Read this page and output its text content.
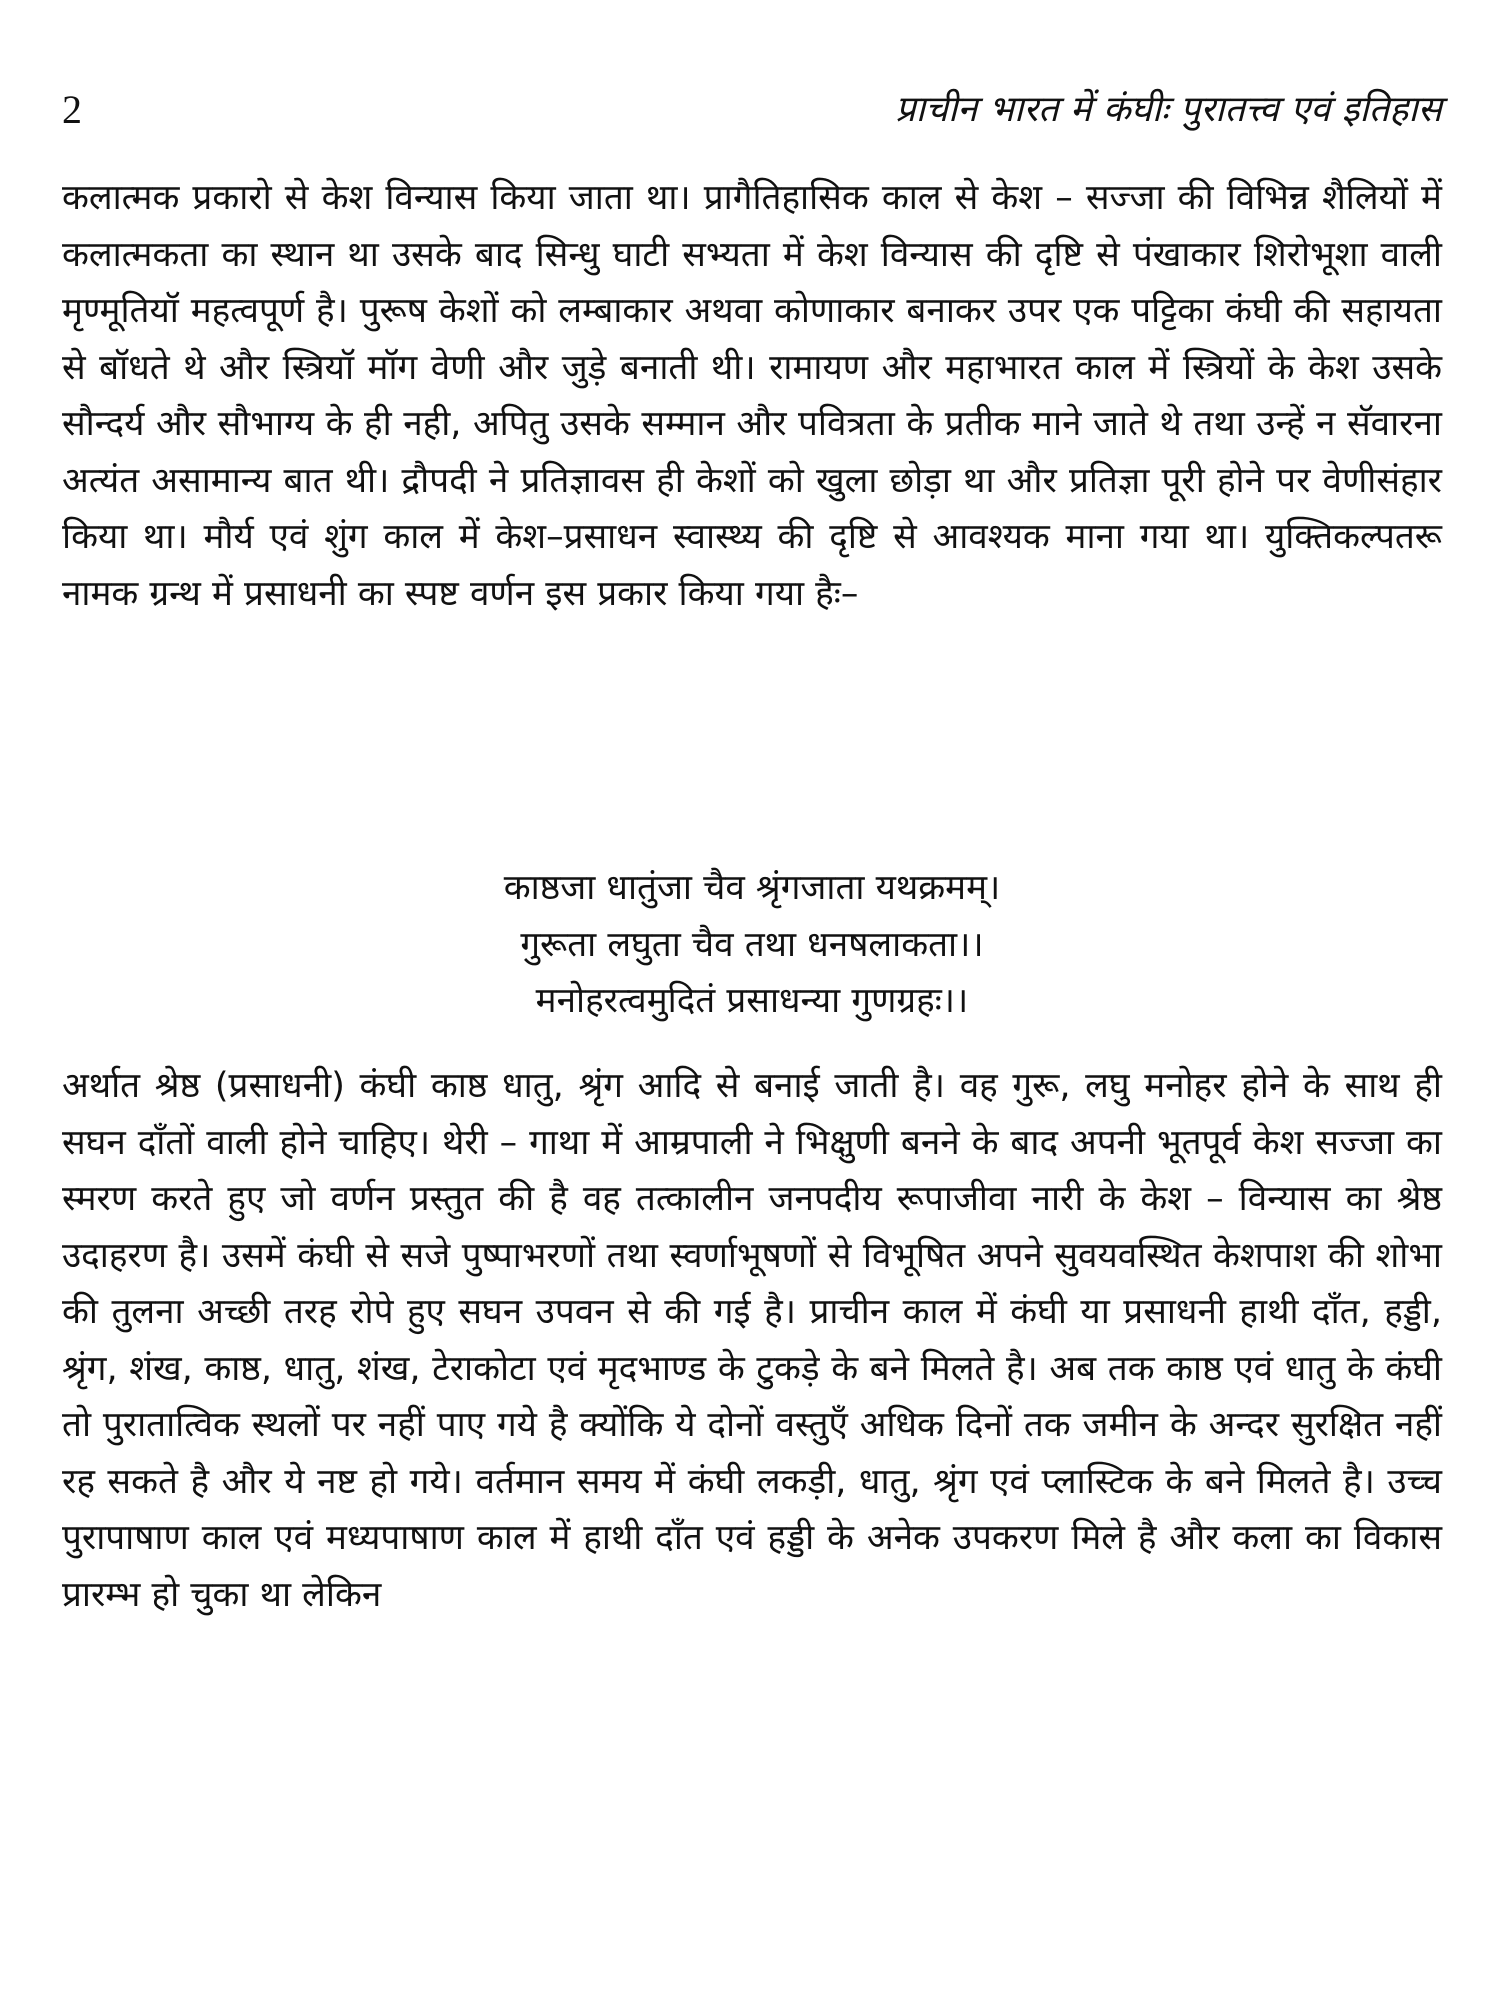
2	प्राचीन भारत में कंघीः पुरातत्त्व एवं इतिहास

कलात्मक प्रकारो से केश विन्यास किया जाता था। प्रागैतिहासिक काल से केश – सज्जा की विभिन्न शैलियों में कलात्मकता का स्थान था उसके बाद सिन्धु घाटी सभ्यता में केश विन्यास की दृष्टि से पंखाकार शिरोभूशा वाली मृण्मूतियॉ महत्वपूर्ण है। पुरूष केशों को लम्बाकार अथवा कोणाकार बनाकर उपर एक पट्टिका कंघी की सहायता से बॉधते थे और स्त्रियॉ मॉग वेणी और जुड़े बनाती थी। रामायण और महाभारत काल में स्त्रियों के केश उसके सौन्दर्य और सौभाग्य के ही नही, अपितु उसके सम्मान और पवित्रता के प्रतीक माने जाते थे तथा उन्हें न सॅवारना अत्यंत असामान्य बात थी। द्रौपदी ने प्रतिज्ञावस ही केशों को खुला छोड़ा था और प्रतिज्ञा पूरी होने पर वेणीसंहार किया था। मौर्य एवं शुंग काल में केश–प्रसाधन स्वास्थ्य की दृष्टि से आवश्यक माना गया था। युक्तिकल्पतरू नामक ग्रन्थ में प्रसाधनी का स्पष्ट वर्णन इस प्रकार किया गया हैः–

काष्ठजा धातुंजा चैव श्रृंगजाता यथक्रमम्।
गुरूता लघुता चैव तथा धनषलाकता।।
मनोहरत्वमुदितं प्रसाधन्या गुणग्रहः।।

अर्थात श्रेष्ठ (प्रसाधनी) कंघी काष्ठ धातु, श्रृंग आदि से बनाई जाती है। वह गुरू, लघु मनोहर होने के साथ ही सघन दाँतों वाली होने चाहिए। थेरी – गाथा में आम्रपाली ने भिक्षुणी बनने के बाद अपनी भूतपूर्व केश सज्जा का स्मरण करते हुए जो वर्णन प्रस्तुत की है वह तत्कालीन जनपदीय रूपाजीवा नारी के केश – विन्यास का श्रेष्ठ उदाहरण है। उसमें कंघी से सजे पुष्पाभरणों तथा स्वर्णाभूषणों से विभूषित अपने सुवयवस्थित केशपाश की शोभा की तुलना अच्छी तरह रोपे हुए सघन उपवन से की गई है। प्राचीन काल में कंघी या प्रसाधनी हाथी दाँत, हड्डी, श्रृंग, शंख, काष्ठ, धातु, शंख, टेराकोटा एवं मृदभाण्ड के टुकड़े के बने मिलते है। अब तक काष्ठ एवं धातु के कंघी तो पुरातात्विक स्थलों पर नहीं पाए गये है क्योंकि ये दोनों वस्तुएँ अधिक दिनों तक जमीन के अन्दर सुरक्षित नहीं रह सकते है और ये नष्ट हो गये। वर्तमान समय में कंघी लकड़ी, धातु, श्रृंग एवं प्लास्टिक के बने मिलते है। उच्च पुरापाषाण काल एवं मध्यपाषाण काल में हाथी दाँत एवं हड्डी के अनेक उपकरण मिले है और कला का विकास प्रारम्भ हो चुका था लेकिन
